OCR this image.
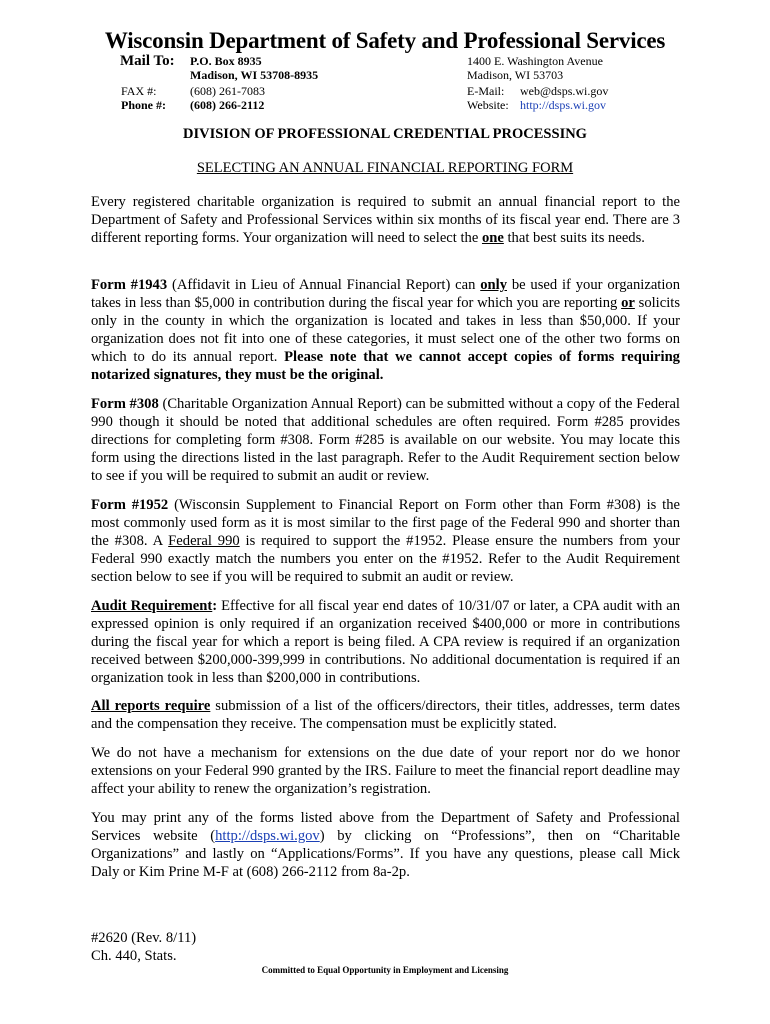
Wisconsin Department of Safety and Professional Services
Mail To: P.O. Box 8935
Madison, WI 53708-8935
FAX #:	(608) 261-7083
Phone #: (608) 266-2112
1400 E. Washington Avenue
Madison, WI 53703
E-Mail: web@dsps.wi.gov
Website: http://dsps.wi.gov
DIVISION OF PROFESSIONAL CREDENTIAL PROCESSING
SELECTING AN ANNUAL FINANCIAL REPORTING FORM

Every registered charitable organization is required to submit an annual financial report to the Department of Safety and Professional Services within six months of its fiscal year end. There are 3 different reporting forms. Your organization will need to select the one that best suits its needs.

Form #1943 (Affidavit in Lieu of Annual Financial Report) can only be used if your organization takes in less than $5,000 in contribution during the fiscal year for which you are reporting or solicits only in the county in which the organization is located and takes in less than $50,000. If your organization does not fit into one of these categories, it must select one of the other two forms on which to do its annual report. Please note that we cannot accept copies of forms requiring notarized signatures, they must be the original.

Form #308 (Charitable Organization Annual Report) can be submitted without a copy of the Federal 990 though it should be noted that additional schedules are often required. Form #285 provides directions for completing form #308. Form #285 is available on our website. You may locate this form using the directions listed in the last paragraph. Refer to the Audit Requirement section below to see if you will be required to submit an audit or review.

Form #1952 (Wisconsin Supplement to Financial Report on Form other than Form #308) is the most commonly used form as it is most similar to the first page of the Federal 990 and shorter than the #308. A Federal 990 is required to support the #1952. Please ensure the numbers from your Federal 990 exactly match the numbers you enter on the #1952. Refer to the Audit Requirement section below to see if you will be required to submit an audit or review.

Audit Requirement: Effective for all fiscal year end dates of 10/31/07 or later, a CPA audit with an expressed opinion is only required if an organization received $400,000 or more in contributions during the fiscal year for which a report is being filed. A CPA review is required if an organization received between $200,000-399,999 in contributions. No additional documentation is required if an organization took in less than $200,000 in contributions.

All reports require submission of a list of the officers/directors, their titles, addresses, term dates and the compensation they receive. The compensation must be explicitly stated.

We do not have a mechanism for extensions on the due date of your report nor do we honor extensions on your Federal 990 granted by the IRS. Failure to meet the financial report deadline may affect your ability to renew the organization’s registration.

You may print any of the forms listed above from the Department of Safety and Professional Services website (http://dsps.wi.gov) by clicking on “Professions”, then on “Charitable Organizations” and lastly on “Applications/Forms”. If you have any questions, please call Mick Daly or Kim Prine M-F at (608) 266-2112 from 8a-2p.

#2620 (Rev. 8/11)
Ch. 440, Stats.
Committed to Equal Opportunity in Employment and Licensing
